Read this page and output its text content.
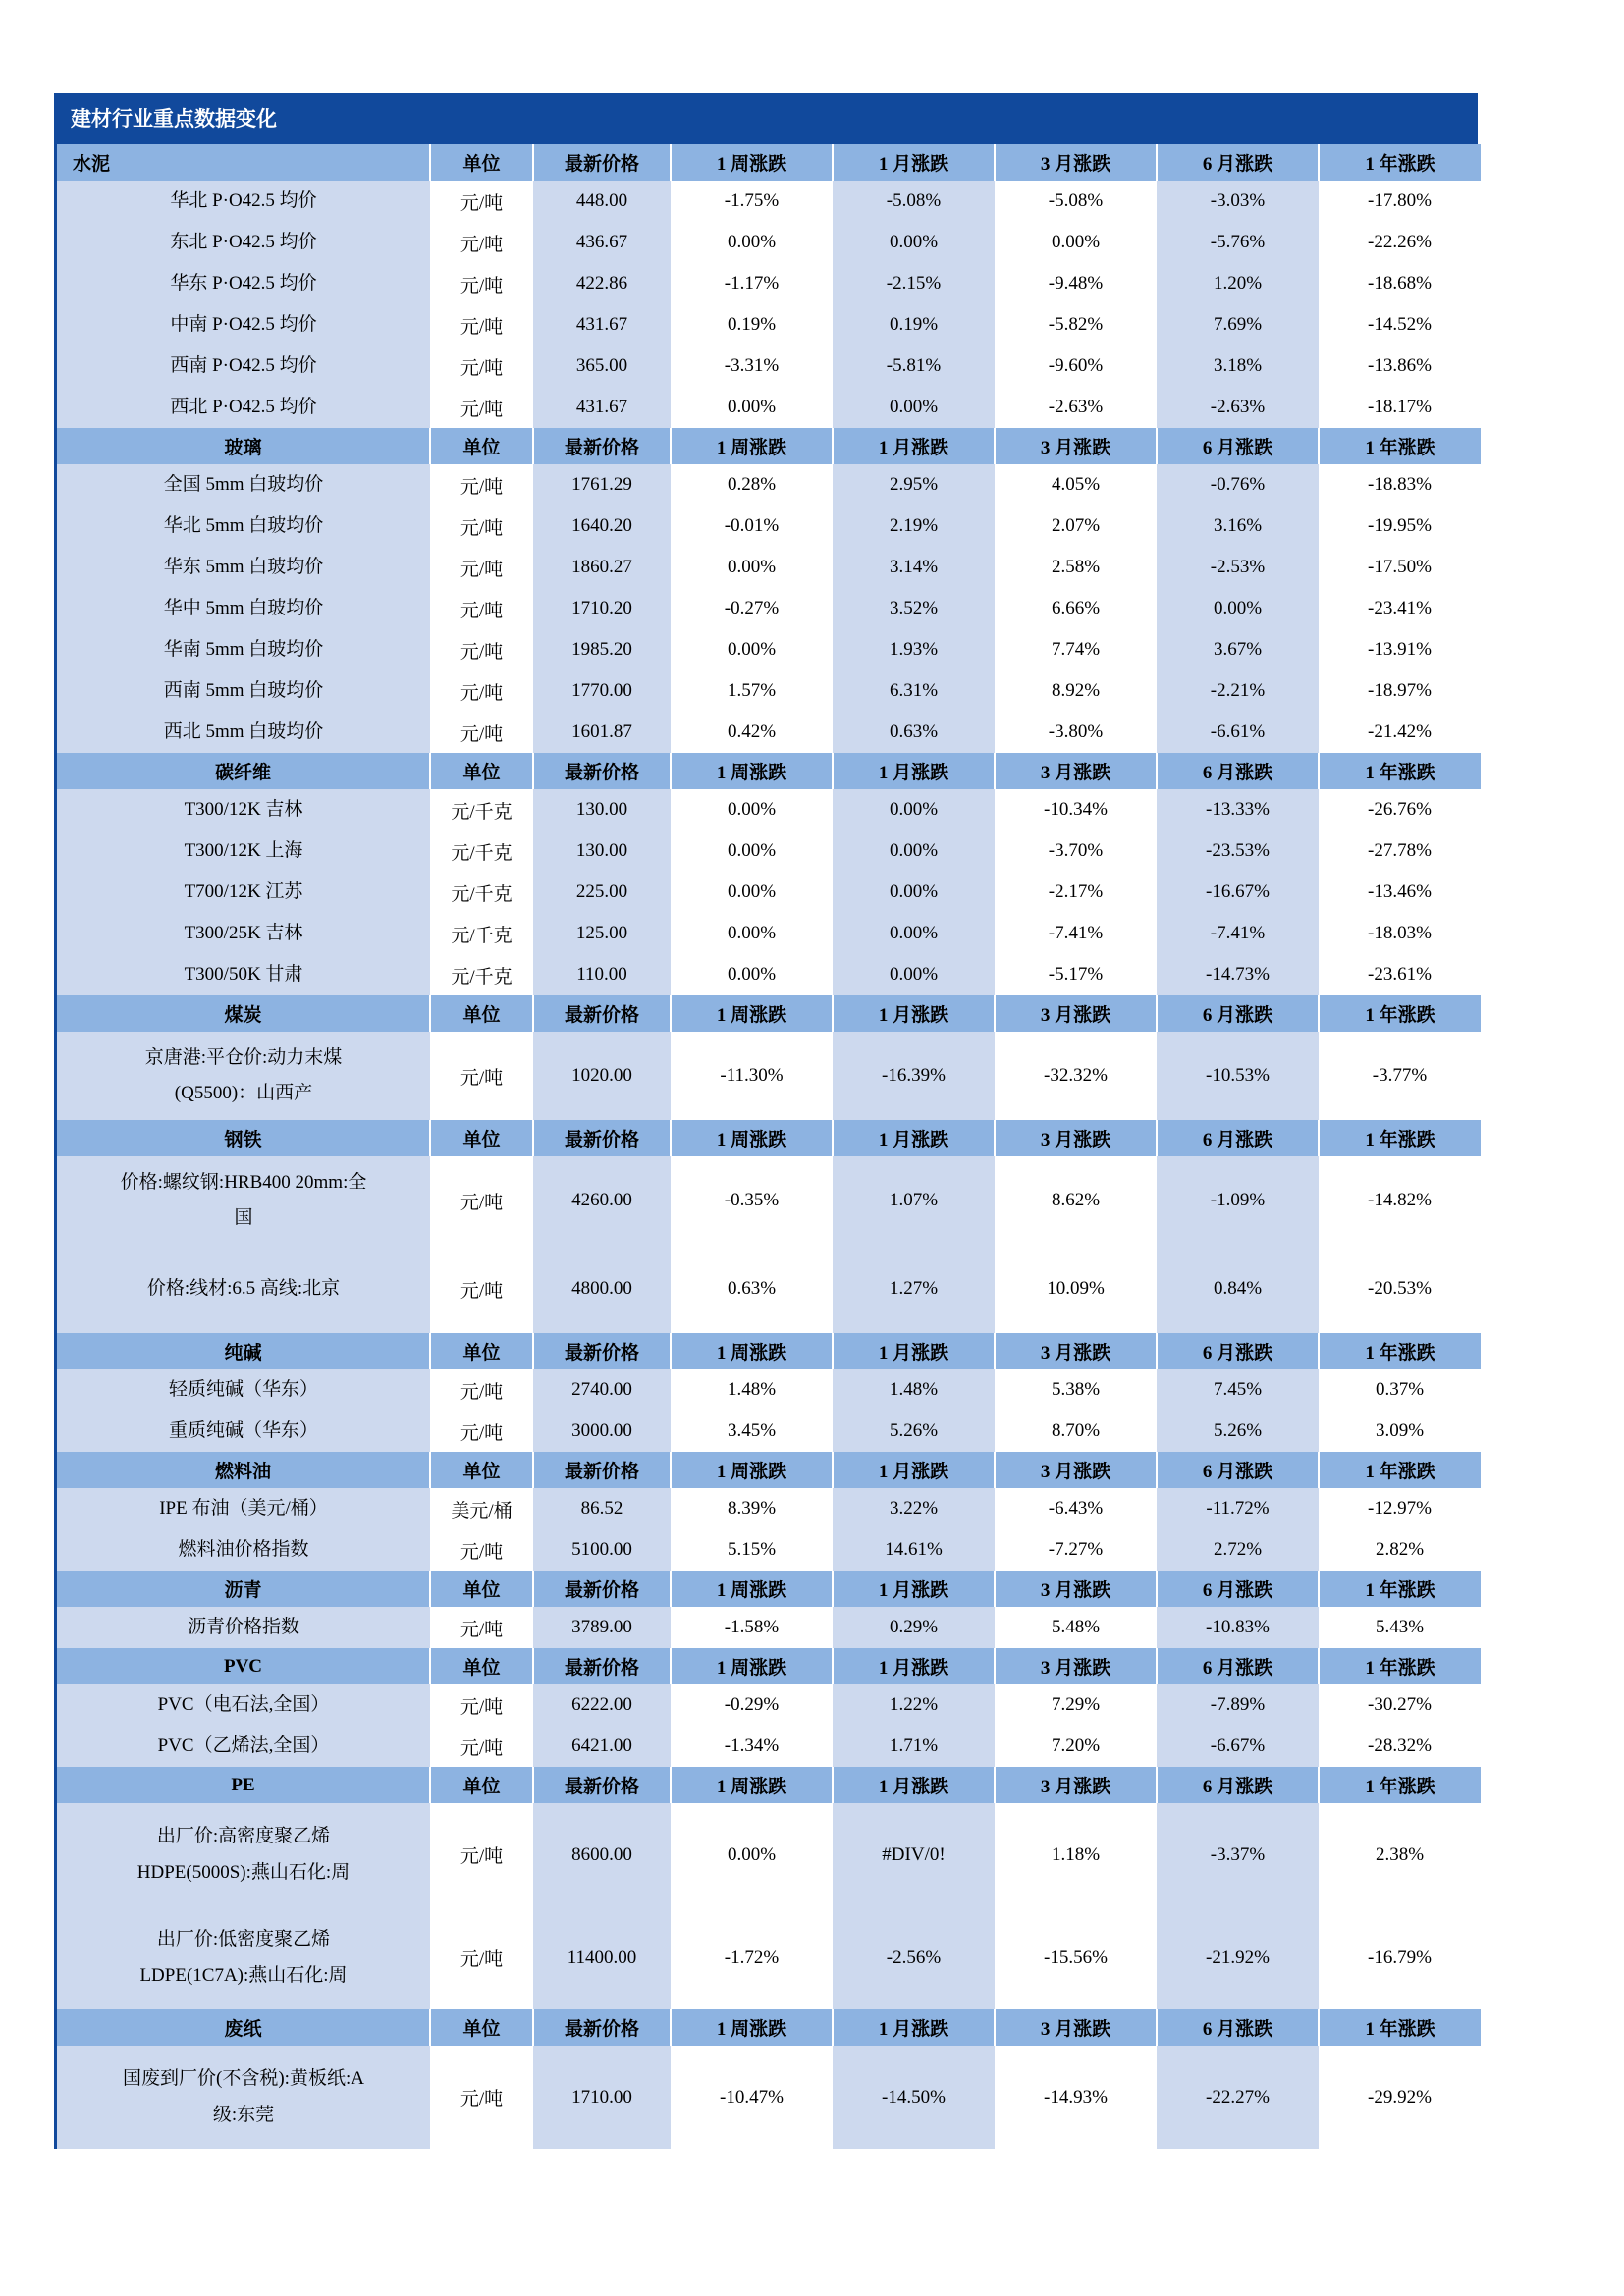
建材行业重点数据变化
水泥	单位	最新价格	1 周涨跌	1 月涨跌	3 月涨跌	6 月涨跌	1 年涨跌

华北 P·O42.5 均价	元/吨	448.00	-1.75%	-5.08%	-5.08%	-3.03%	-17.80%

东北 P·O42.5 均价	元/吨	436.67	0.00%	0.00%	0.00%	-5.76%	-22.26%

华东 P·O42.5 均价	元/吨	422.86	-1.17%	-2.15%	-9.48%	1.20%	-18.68%

中南 P·O42.5 均价	元/吨	431.67	0.19%	0.19%	-5.82%	7.69%	-14.52%

西南 P·O42.5 均价	元/吨	365.00	-3.31%	-5.81%	-9.60%	3.18%	-13.86%

西北 P·O42.5 均价	元/吨	431.67	0.00%	0.00%	-2.63%	-2.63%	-18.17%
玻璃	单位	最新价格	1 周涨跌	1 月涨跌	3 月涨跌	6 月涨跌	1 年涨跌

全国 5mm 白玻均价	元/吨	1761.29	0.28%	2.95%	4.05%	-0.76%	-18.83%

华北 5mm 白玻均价	元/吨	1640.20	-0.01%	2.19%	2.07%	3.16%	-19.95%

华东 5mm 白玻均价	元/吨	1860.27	0.00%	3.14%	2.58%	-2.53%	-17.50%

华中 5mm 白玻均价	元/吨	1710.20	-0.27%	3.52%	6.66%	0.00%	-23.41%

华南 5mm 白玻均价	元/吨	1985.20	0.00%	1.93%	7.74%	3.67%	-13.91%

西南 5mm 白玻均价	元/吨	1770.00	1.57%	6.31%	8.92%	-2.21%	-18.97%

西北 5mm 白玻均价	元/吨	1601.87	0.42%	0.63%	-3.80%	-6.61%	-21.42%
碳纤维	单位	最新价格	1 周涨跌	1 月涨跌	3 月涨跌	6 月涨跌	1 年涨跌

T300/12K 吉林	元/千克	130.00	0.00%	0.00%	-10.34%	-13.33%	-26.76%

T300/12K 上海	元/千克	130.00	0.00%	0.00%	-3.70%	-23.53%	-27.78%

T700/12K 江苏	元/千克	225.00	0.00%	0.00%	-2.17%	-16.67%	-13.46%

T300/25K 吉林	元/千克	125.00	0.00%	0.00%	-7.41%	-7.41%	-18.03%

T300/50K 甘肃	元/千克	110.00	0.00%	0.00%	-5.17%	-14.73%	-23.61%
煤炭	单位	最新价格	1 周涨跌	1 月涨跌	3 月涨跌	6 月涨跌	1 年涨跌

京唐港:平仓价:动力末煤
(Q5500)：山西产	元/吨	1020.00	-11.30%	-16.39%	-32.32%	-10.53%	-3.77%
钢铁	单位	最新价格	1 周涨跌	1 月涨跌	3 月涨跌	6 月涨跌	1 年涨跌

价格:螺纹钢:HRB400 20mm:全
国	元/吨	4260.00	-0.35%	1.07%	8.62%	-1.09%	-14.82%

价格:线材:6.5 高线:北京	元/吨	4800.00	0.63%	1.27%	10.09%	0.84%	-20.53%
纯碱	单位	最新价格	1 周涨跌	1 月涨跌	3 月涨跌	6 月涨跌	1 年涨跌

轻质纯碱（华东）	元/吨	2740.00	1.48%	1.48%	5.38%	7.45%	0.37%

重质纯碱（华东）	元/吨	3000.00	3.45%	5.26%	8.70%	5.26%	3.09%
燃料油	单位	最新价格	1 周涨跌	1 月涨跌	3 月涨跌	6 月涨跌	1 年涨跌

IPE 布油（美元/桶）	美元/桶	86.52	8.39%	3.22%	-6.43%	-11.72%	-12.97%

燃料油价格指数	元/吨	5100.00	5.15%	14.61%	-7.27%	2.72%	2.82%
沥青	单位	最新价格	1 周涨跌	1 月涨跌	3 月涨跌	6 月涨跌	1 年涨跌

沥青价格指数	元/吨	3789.00	-1.58%	0.29%	5.48%	-10.83%	5.43%
PVC	单位	最新价格	1 周涨跌	1 月涨跌	3 月涨跌	6 月涨跌	1 年涨跌

PVC（电石法,全国）	元/吨	6222.00	-0.29%	1.22%	7.29%	-7.89%	-30.27%

PVC（乙烯法,全国）	元/吨	6421.00	-1.34%	1.71%	7.20%	-6.67%	-28.32%
PE	单位	最新价格	1 周涨跌	1 月涨跌	3 月涨跌	6 月涨跌	1 年涨跌

出厂价:高密度聚乙烯
HDPE(5000S):燕山石化:周	元/吨	8600.00	0.00%	#DIV/0!	1.18%	-3.37%	2.38%

出厂价:低密度聚乙烯
LDPE(1C7A):燕山石化:周	元/吨	11400.00	-1.72%	-2.56%	-15.56%	-21.92%	-16.79%
废纸	单位	最新价格	1 周涨跌	1 月涨跌	3 月涨跌	6 月涨跌	1 年涨跌

国废到厂价(不含税):黄板纸:A
级:东莞	元/吨	1710.00	-10.47%	-14.50%	-14.93%	-22.27%	-29.92%
